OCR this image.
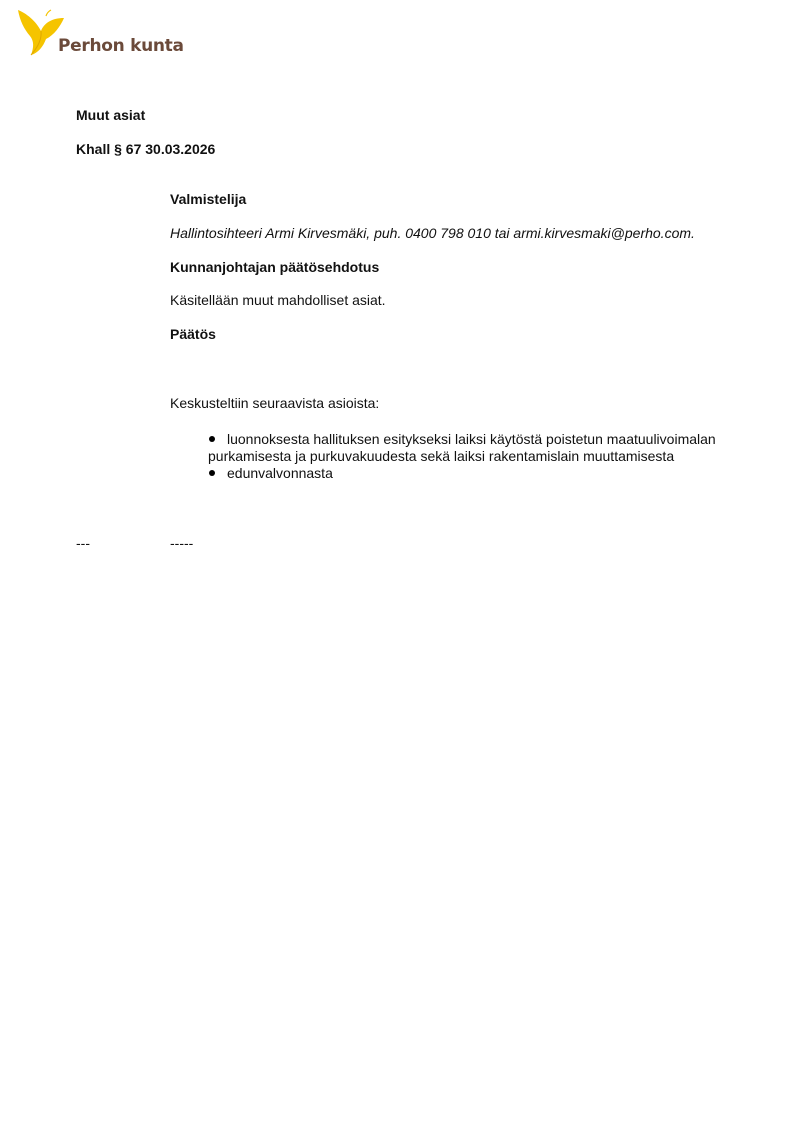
Perhon kunta
Muut asiat
Khall § 67 30.03.2026
Valmistelija
Hallintosihteeri Armi Kirvesmäki, puh. 0400 798 010 tai armi.kirvesmaki@perho.com.
Kunnanjohtajan päätösehdotus
Käsitellään muut mahdolliset asiat.
Päätös
Keskusteltiin seuraavista asioista:
luonnoksesta hallituksen esitykseksi laiksi käytöstä poistetun maatuulivoimalan purkamisesta ja purkuvakuudesta sekä laiksi rakentamislain muuttamisesta
edunvalvonnasta
---	-----
